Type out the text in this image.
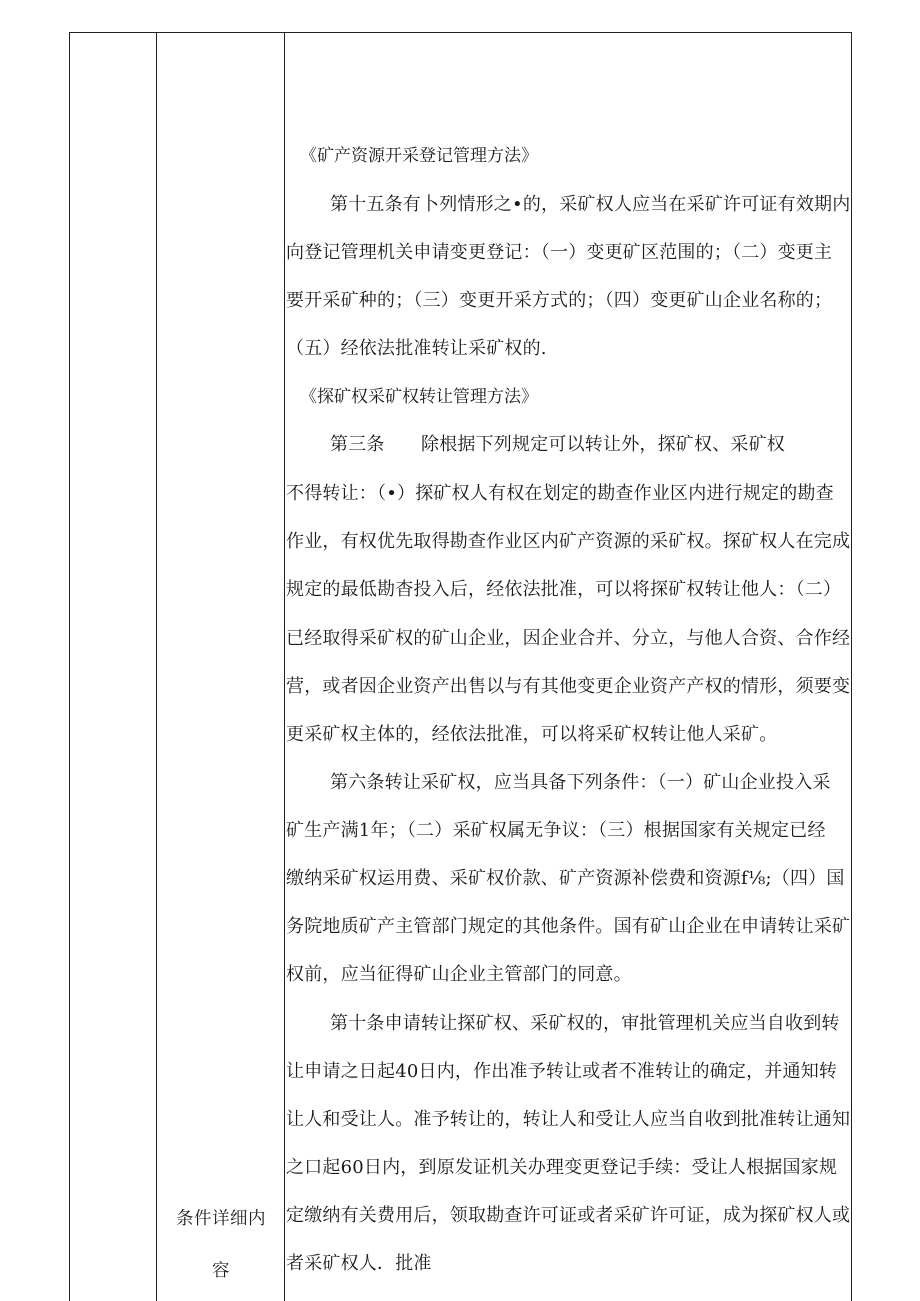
条件详细内
容
《矿产资源开采登记管理方法》
第十五条有卜列情形之•的，采矿权人应当在采矿许可证有效期内
向登记管理机关申请变更登记：（一）变更矿区范围的；（二）变更主
要开采矿种的；（三）变更开采方式的；（四）变更矿山企业名称的；
（五）经依法批准转让采矿权的.
《探矿权采矿权转让管理方法》
第三条　　除根据下列规定可以转让外，探矿权、采矿权
不得转让：（•）探矿权人有权在划定的勘查作业区内进行规定的勘查
作业，有权优先取得勘查作业区内矿产资源的采矿权。探矿权人在完成
规定的最低勘杳投入后，经依法批准，可以将探矿权转让他人：（二）
已经取得采矿权的矿山企业，因企业合并、分立，与他人合资、合作经
营，或者因企业资产出售以与有其他变更企业资产产权的情形，须要变
更采矿权主体的，经依法批准，可以将采矿权转让他人采矿。
第六条转让采矿权，应当具备下列条件：（一）矿山企业投入采
矿生产满1年；（二）采矿权属无争议：（三）根据国家有关规定已经
缴纳采矿权运用费、采矿权价款、矿产资源补偿费和资源f⅛;（四）国
务院地质矿产主管部门规定的其他条件。国有矿山企业在申请转让采矿
权前，应当征得矿山企业主管部门的同意。
第十条申请转让探矿权、采矿权的，审批管理机关应当自收到转
让申请之日起40日内，作出准予转让或者不准转让的确定，并通知转
让人和受让人。准予转让的，转让人和受让人应当自收到批准转让通知
之口起60日内，到原发证机关办理变更登记手续：受让人根据国家规
定缴纳有关费用后，领取勘查许可证或者采矿许可证，成为探矿权人或
者采矿权人．批准
